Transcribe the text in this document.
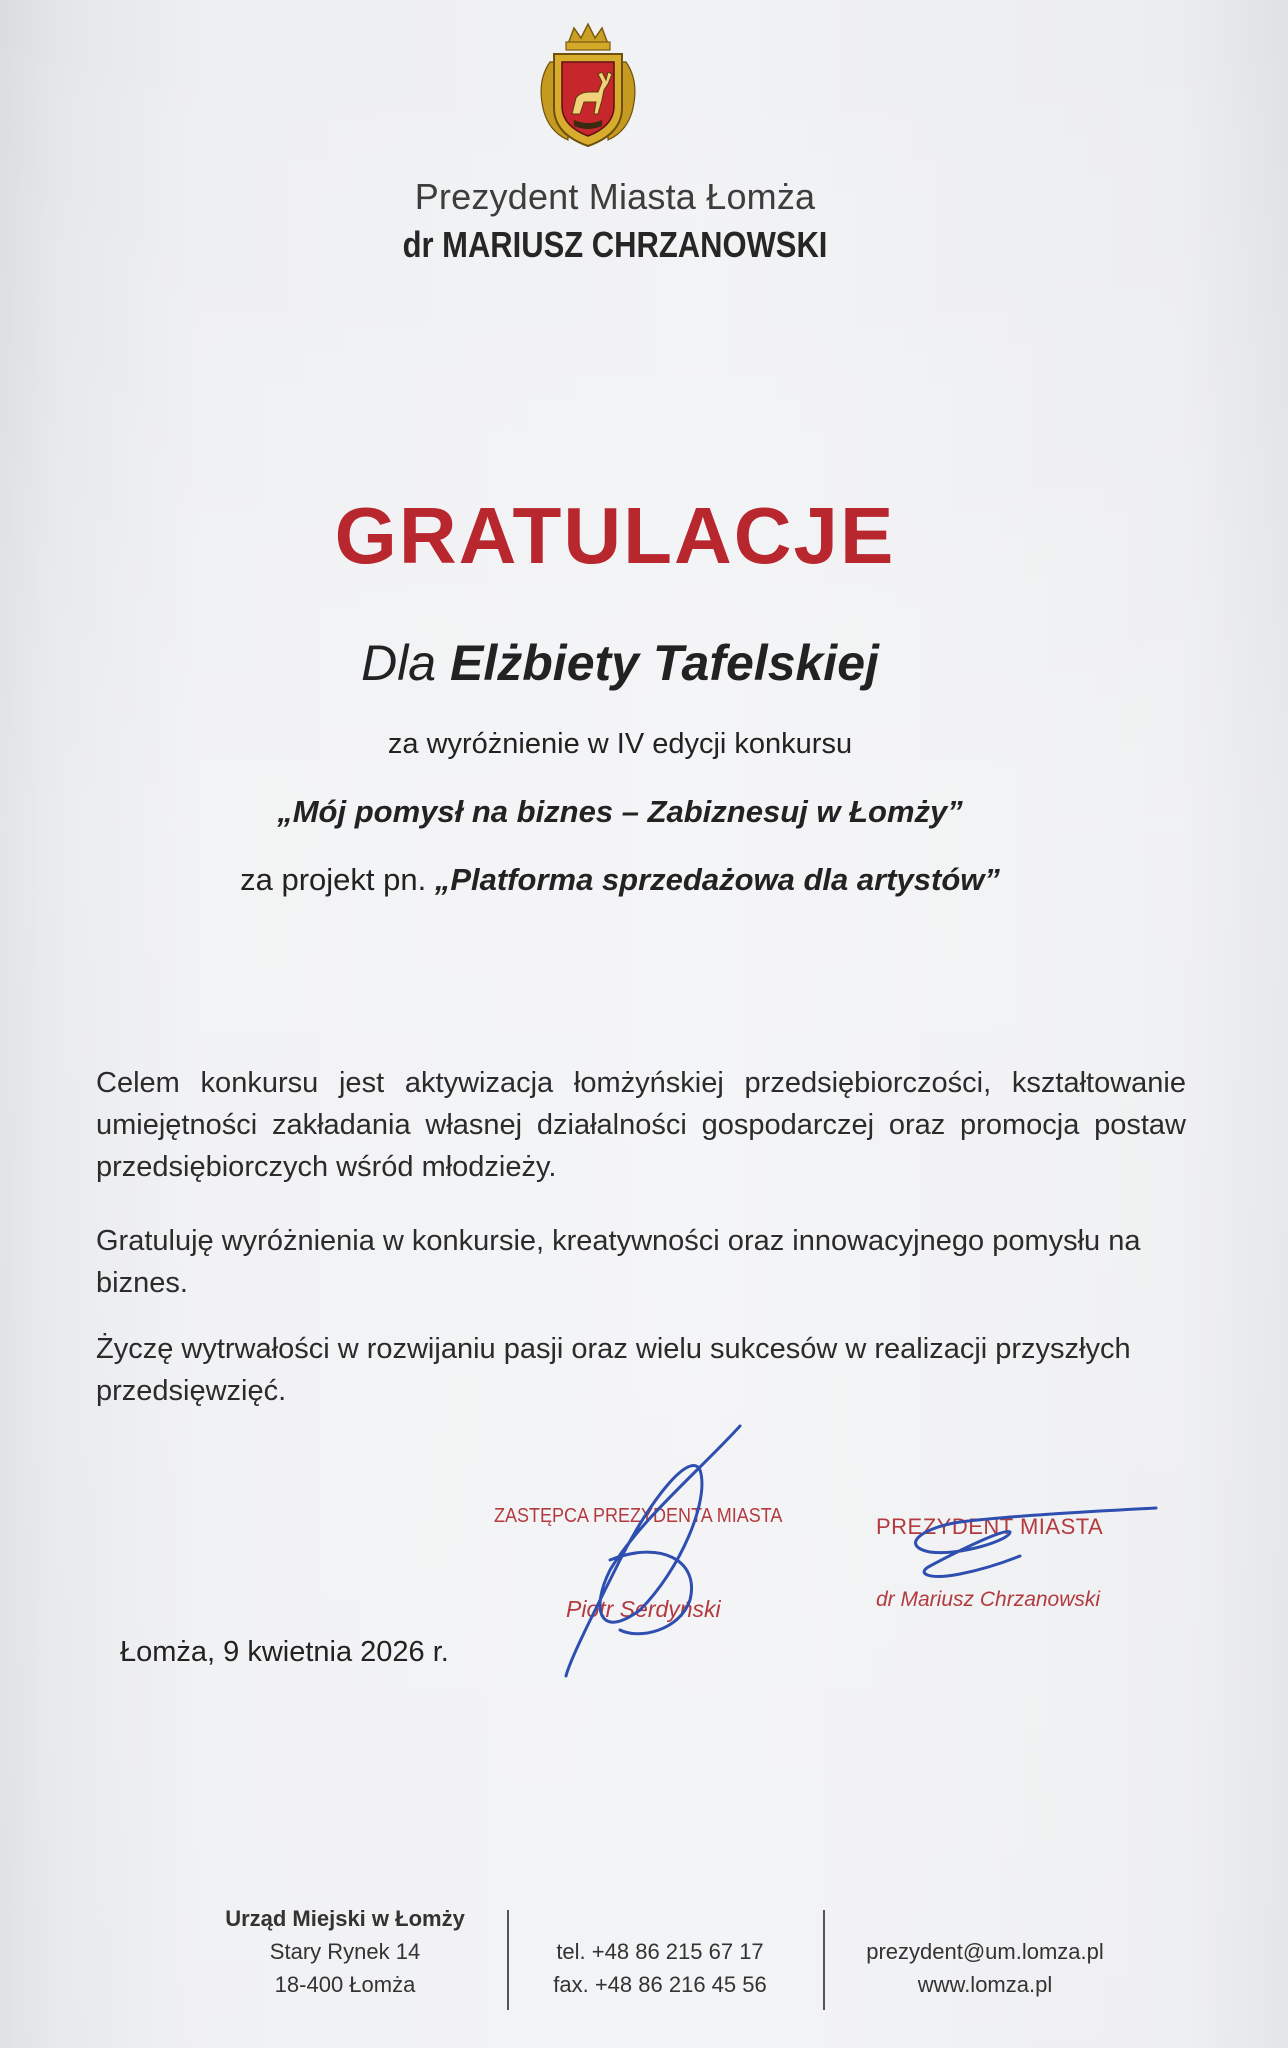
Prezydent Miasta Łomża
dr MARIUSZ CHRZANOWSKI
GRATULACJE
Dla Elżbiety Tafelskiej
za wyróżnienie w IV edycji konkursu
„Mój pomysł na biznes – Zabiznesuj w Łomży”
za projekt pn. „Platforma sprzedażowa dla artystów”
Celem konkursu jest aktywizacja łomżyńskiej przedsiębiorczości, kształtowanie umiejętności zakładania własnej działalności gospodarczej oraz promocja postaw przedsiębiorczych wśród młodzieży.
Gratuluję wyróżnienia w konkursie, kreatywności oraz innowacyjnego pomysłu na biznes.
Życzę wytrwałości w rozwijaniu pasji oraz wielu sukcesów w realizacji przyszłych przedsięwzięć.
ZASTĘPCA PREZYDENTA MIASTA
Piotr Serdyński
PREZYDENT MIASTA
dr Mariusz Chrzanowski
Łomża, 9 kwietnia 2026 r.
Urząd Miejski w Łomży
Stary Rynek 14
18-400 Łomża
tel. +48 86 215 67 17
fax. +48 86 216 45 56
prezydent@um.lomza.pl
www.lomza.pl
